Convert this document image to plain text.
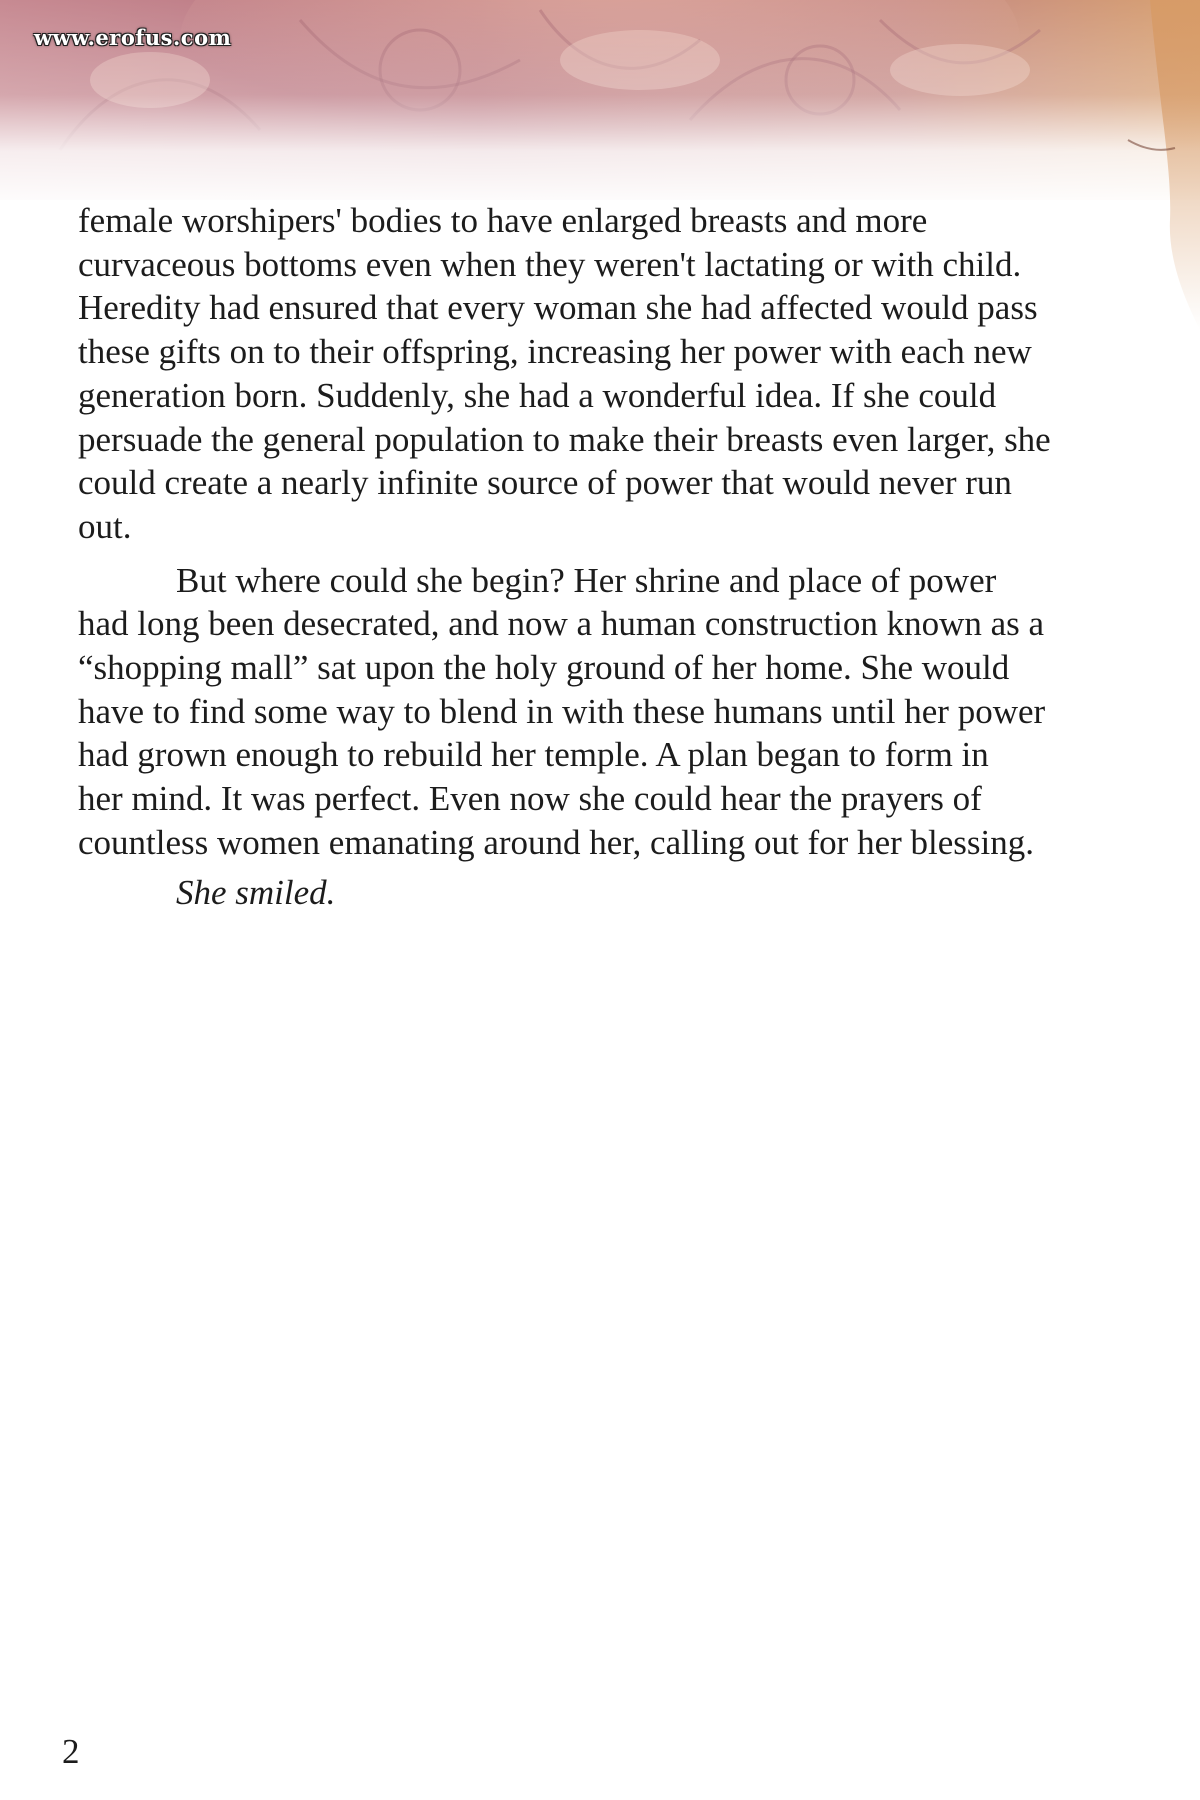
www.erofus.com
female worshipers' bodies to have enlarged breasts and more
curvaceous bottoms even when they weren't lactating or with child.
Heredity had ensured that every woman she had affected would pass
these gifts on to their offspring, increasing her power with each new
generation born. Suddenly, she had a wonderful idea. If she could
persuade the general population to make their breasts even larger, she
could create a nearly infinite source of power that would never run
out.
But where could she begin? Her shrine and place of power
had long been desecrated, and now a human construction known as a
“shopping mall” sat upon the holy ground of her home. She would
have to find some way to blend in with these humans until her power
had grown enough to rebuild her temple. A plan began to form in
her mind. It was perfect. Even now she could hear the prayers of
countless women emanating around her, calling out for her blessing.
She smiled.
2
